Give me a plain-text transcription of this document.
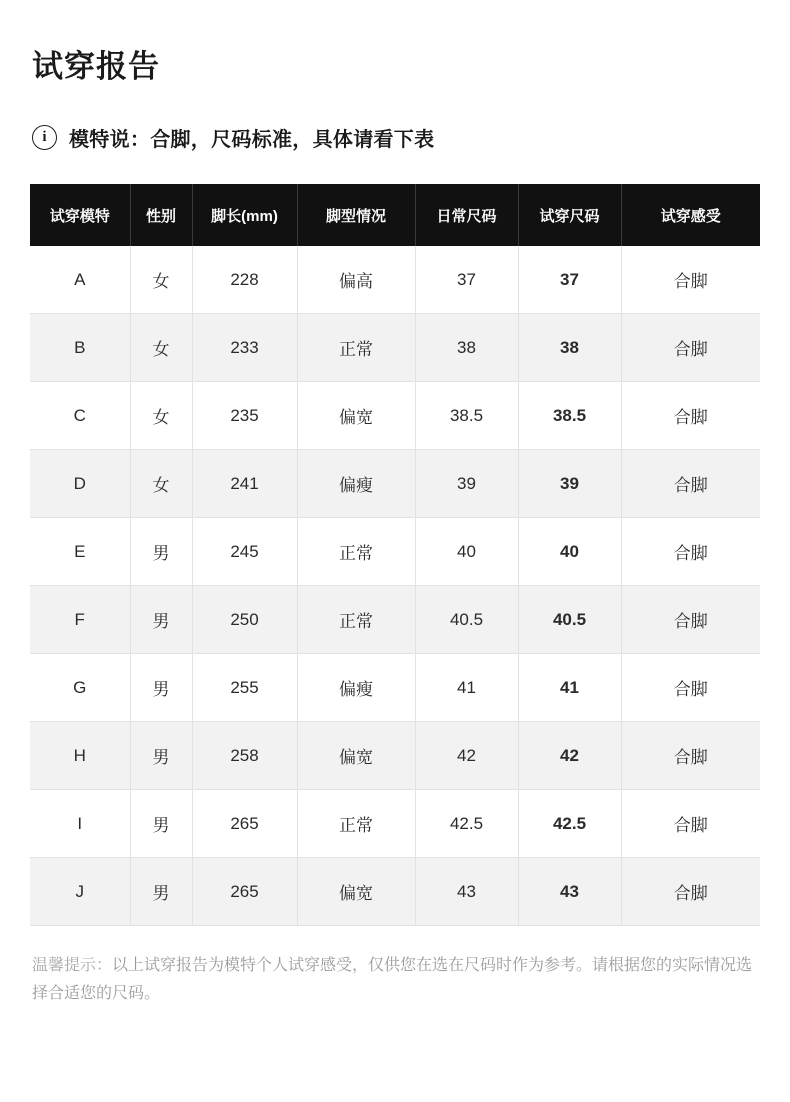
试穿报告
i	模特说：合脚，尺码标准，具体请看下表
试穿模特	性别	脚长(mm)	脚型情况	日常尺码	试穿尺码	试穿感受
A	女	228	偏高	37	37	合脚
B	女	233	正常	38	38	合脚
C	女	235	偏宽	38.5	38.5	合脚
D	女	241	偏瘦	39	39	合脚
E	男	245	正常	40	40	合脚
F	男	250	正常	40.5	40.5	合脚
G	男	255	偏瘦	41	41	合脚
H	男	258	偏宽	42	42	合脚
I	男	265	正常	42.5	42.5	合脚
J	男	265	偏宽	43	43	合脚

温馨提示：以上试穿报告为模特个人试穿感受，仅供您在选在尺码时作为参考。请根据您的实际情况选择合适您的尺码。
